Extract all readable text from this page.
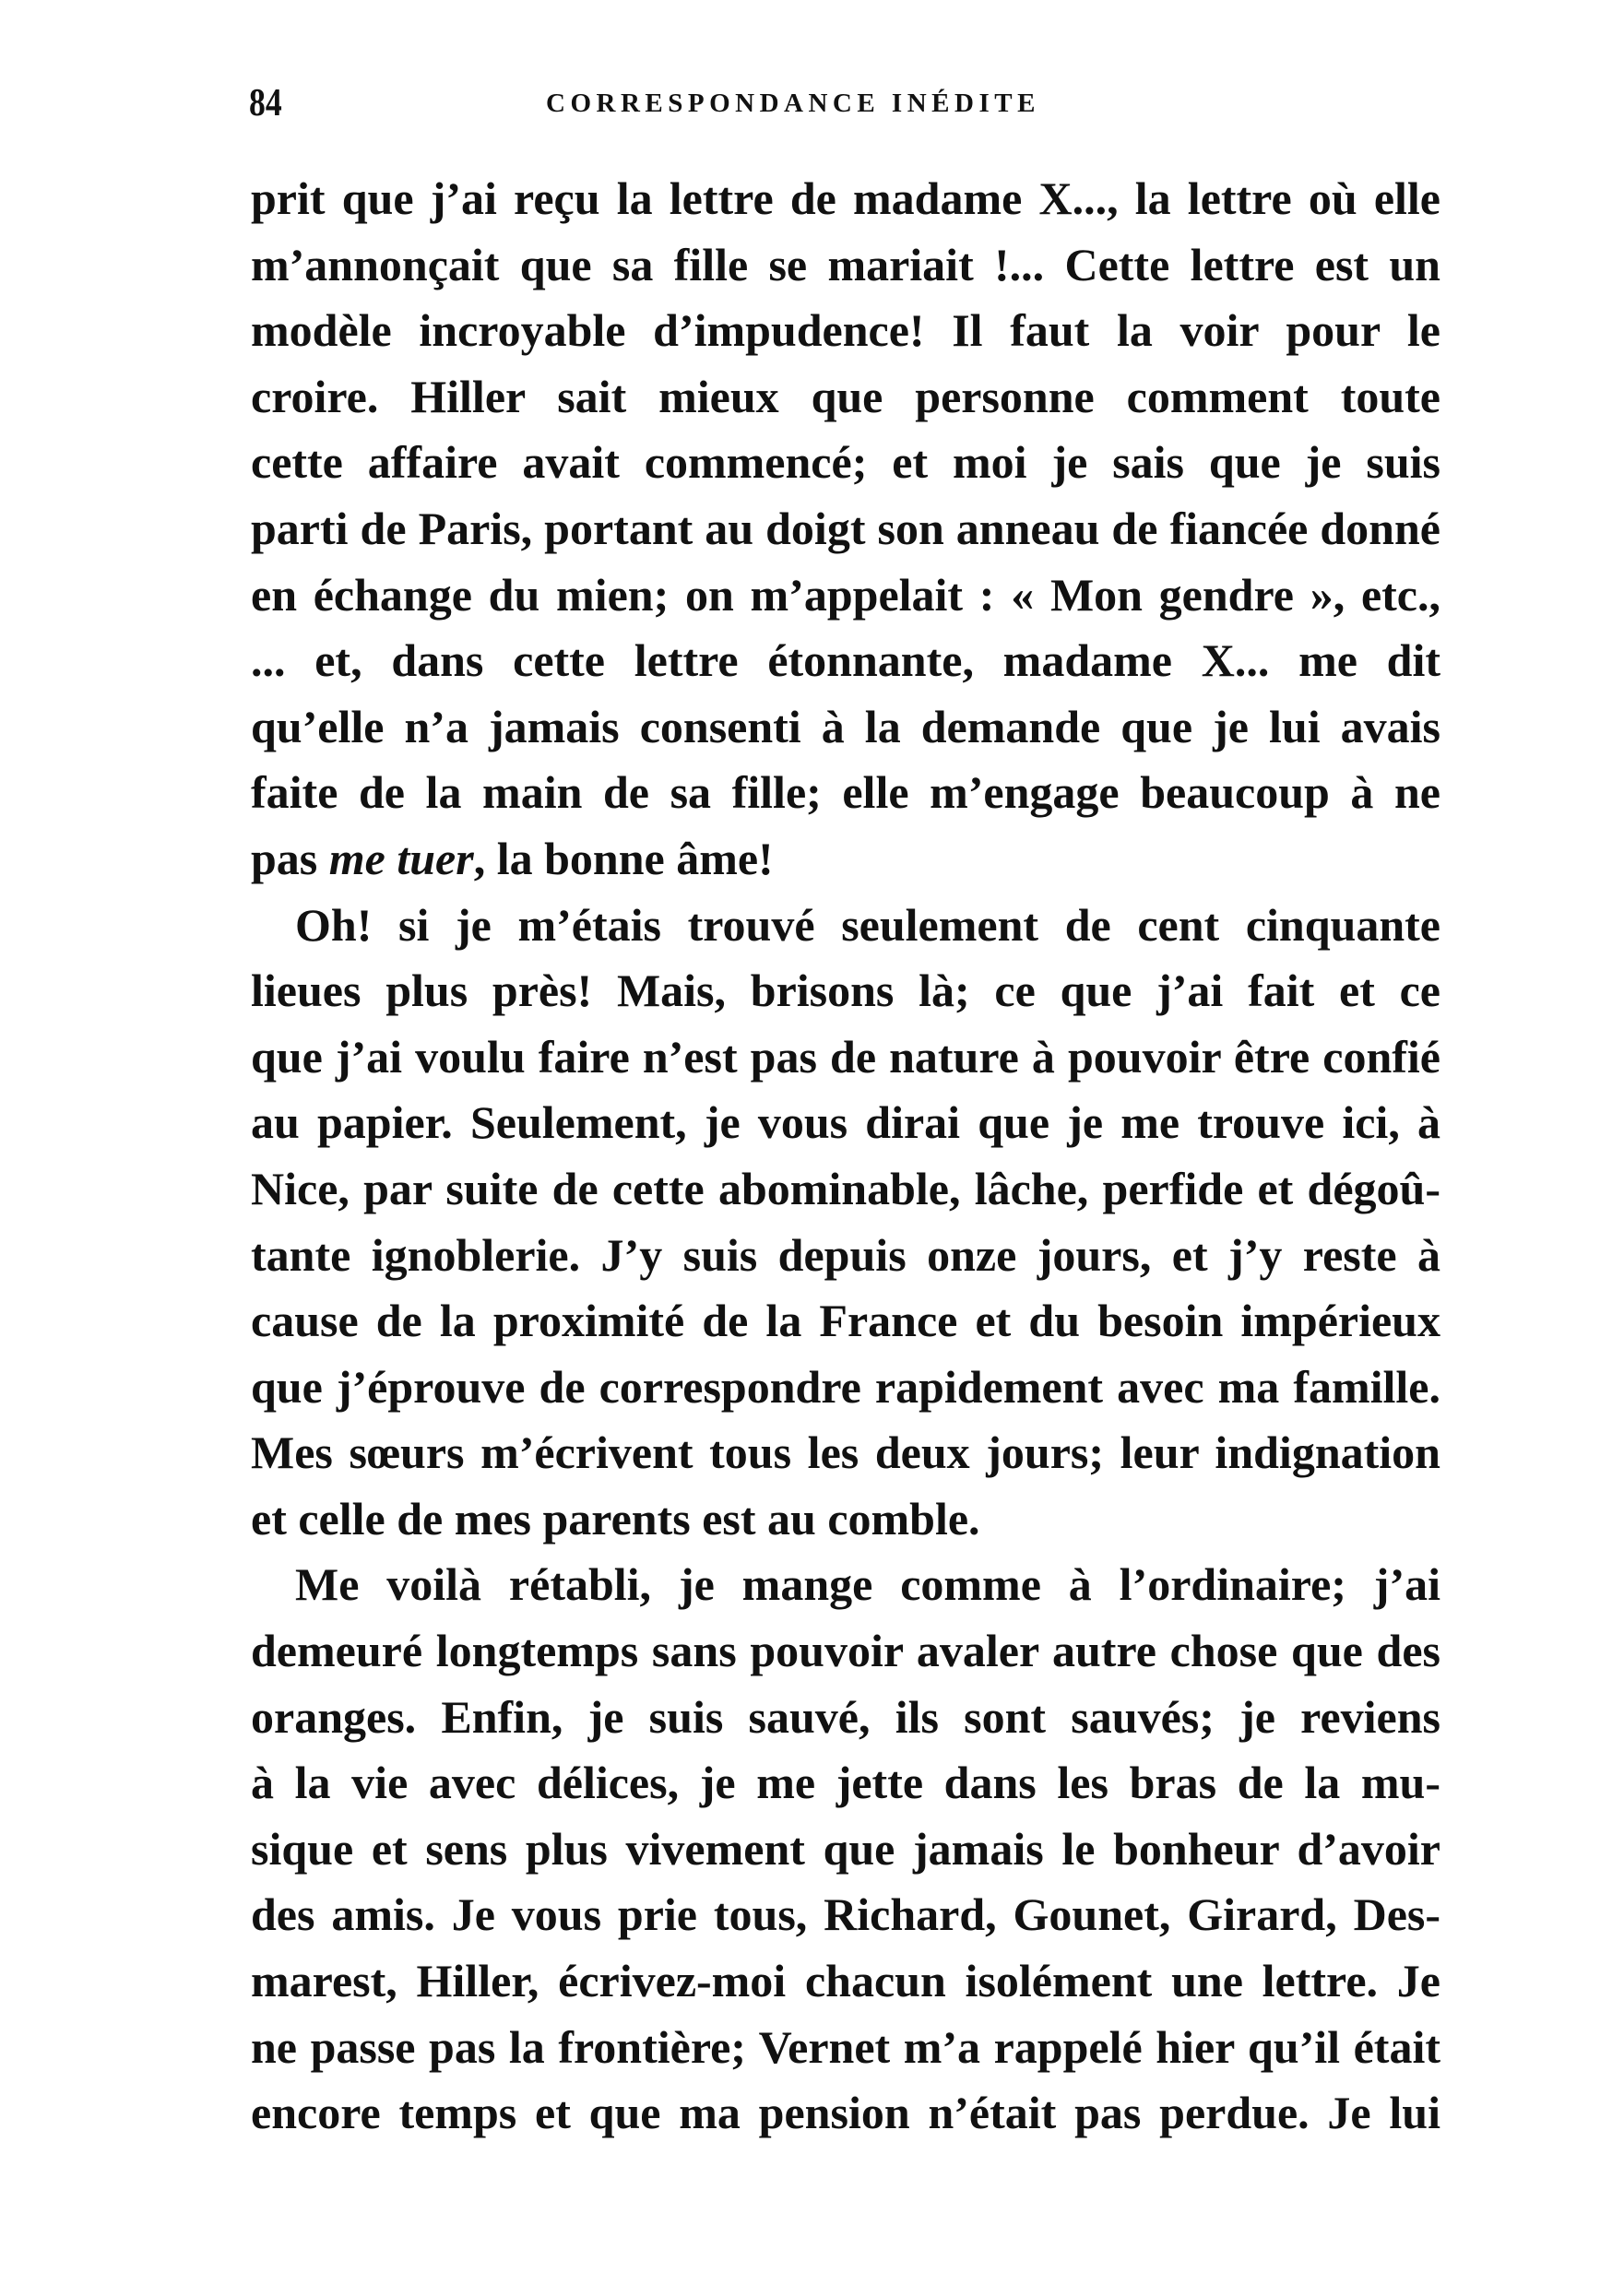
84	CORRESPONDANCE INÉDITE
prit que j’ai reçu la lettre de madame X..., la lettre où elle
m’annonçait que sa fille se mariait !... Cette lettre est un
modèle incroyable d’impudence! Il faut la voir pour le
croire. Hiller sait mieux que personne comment toute
cette affaire avait commencé; et moi je sais que je suis
parti de Paris, portant au doigt son anneau de fiancée donné
en échange du mien; on m’appelait : « Mon gendre », etc.,
... et, dans cette lettre étonnante, madame X... me dit
qu’elle n’a jamais consenti à la demande que je lui avais
faite de la main de sa fille; elle m’engage beaucoup à ne
pas me tuer, la bonne âme!
Oh! si je m’étais trouvé seulement de cent cinquante
lieues plus près! Mais, brisons là; ce que j’ai fait et ce
que j’ai voulu faire n’est pas de nature à pouvoir être confié
au papier. Seulement, je vous dirai que je me trouve ici, à
Nice, par suite de cette abominable, lâche, perfide et dégoû-
tante ignoblerie. J’y suis depuis onze jours, et j’y reste à
cause de la proximité de la France et du besoin impérieux
que j’éprouve de correspondre rapidement avec ma famille.
Mes sœurs m’écrivent tous les deux jours; leur indignation
et celle de mes parents est au comble.
Me voilà rétabli, je mange comme à l’ordinaire; j’ai
demeuré longtemps sans pouvoir avaler autre chose que des
oranges. Enfin, je suis sauvé, ils sont sauvés; je reviens
à la vie avec délices, je me jette dans les bras de la mu-
sique et sens plus vivement que jamais le bonheur d’avoir
des amis. Je vous prie tous, Richard, Gounet, Girard, Des-
marest, Hiller, écrivez-moi chacun isolément une lettre. Je
ne passe pas la frontière; Vernet m’a rappelé hier qu’il était
encore temps et que ma pension n’était pas perdue. Je lui
